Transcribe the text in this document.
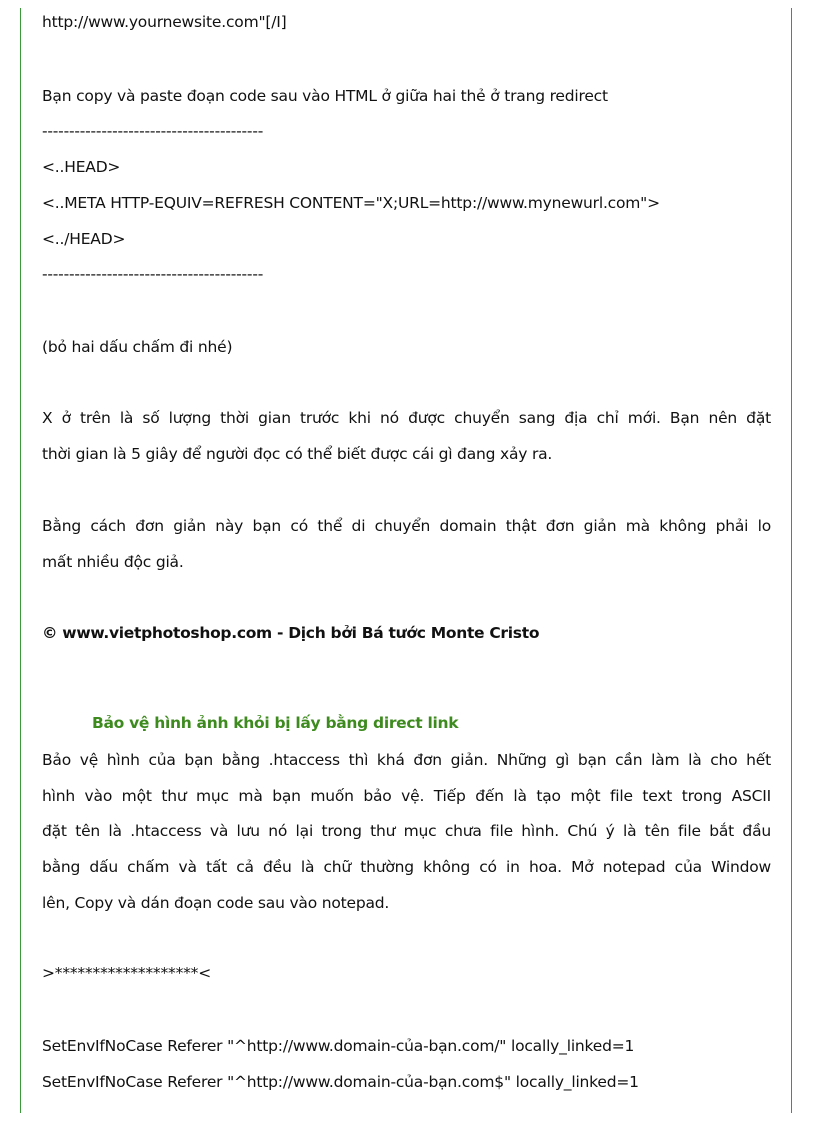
http://www.yournewsite.com"[/I]
Bạn copy và paste đoạn code sau vào HTML ở giữa hai thẻ ở trang redirect
-----------------------------------------
<..HEAD>
<..META HTTP-EQUIV=REFRESH CONTENT="X;URL=http://www.mynewurl.com">
<../HEAD>
-----------------------------------------
(bỏ hai dấu chấm đi nhé)
X ở trên là số lượng thời gian trước khi nó được chuyển sang địa chỉ mới. Bạn nên đặt
thời gian là 5 giây để người đọc có thể biết được cái gì đang xảy ra.
Bằng cách đơn giản này bạn có thể di chuyển domain thật đơn giản mà không phải lo
mất nhiều độc giả.
© www.vietphotoshop.com - Dịch bởi Bá tước Monte Cristo
Bảo vệ hình ảnh khỏi bị lấy bằng direct link
Bảo vệ hình của bạn bằng .htaccess thì khá đơn giản. Những gì bạn cần làm là cho hết
hình vào một thư mục mà bạn muốn bảo vệ. Tiếp đến là tạo một file text trong ASCII
đặt tên là .htaccess và lưu nó lại trong thư mục chưa file hình. Chú ý là tên file bắt đầu
bằng dấu chấm và tất cả đều là chữ thường không có in hoa. Mở notepad của Window
lên, Copy và dán đoạn code sau vào notepad.
>*******************<
SetEnvIfNoCase Referer "^http://www.domain-của-bạn.com/" locally_linked=1
SetEnvIfNoCase Referer "^http://www.domain-của-bạn.com$" locally_linked=1
